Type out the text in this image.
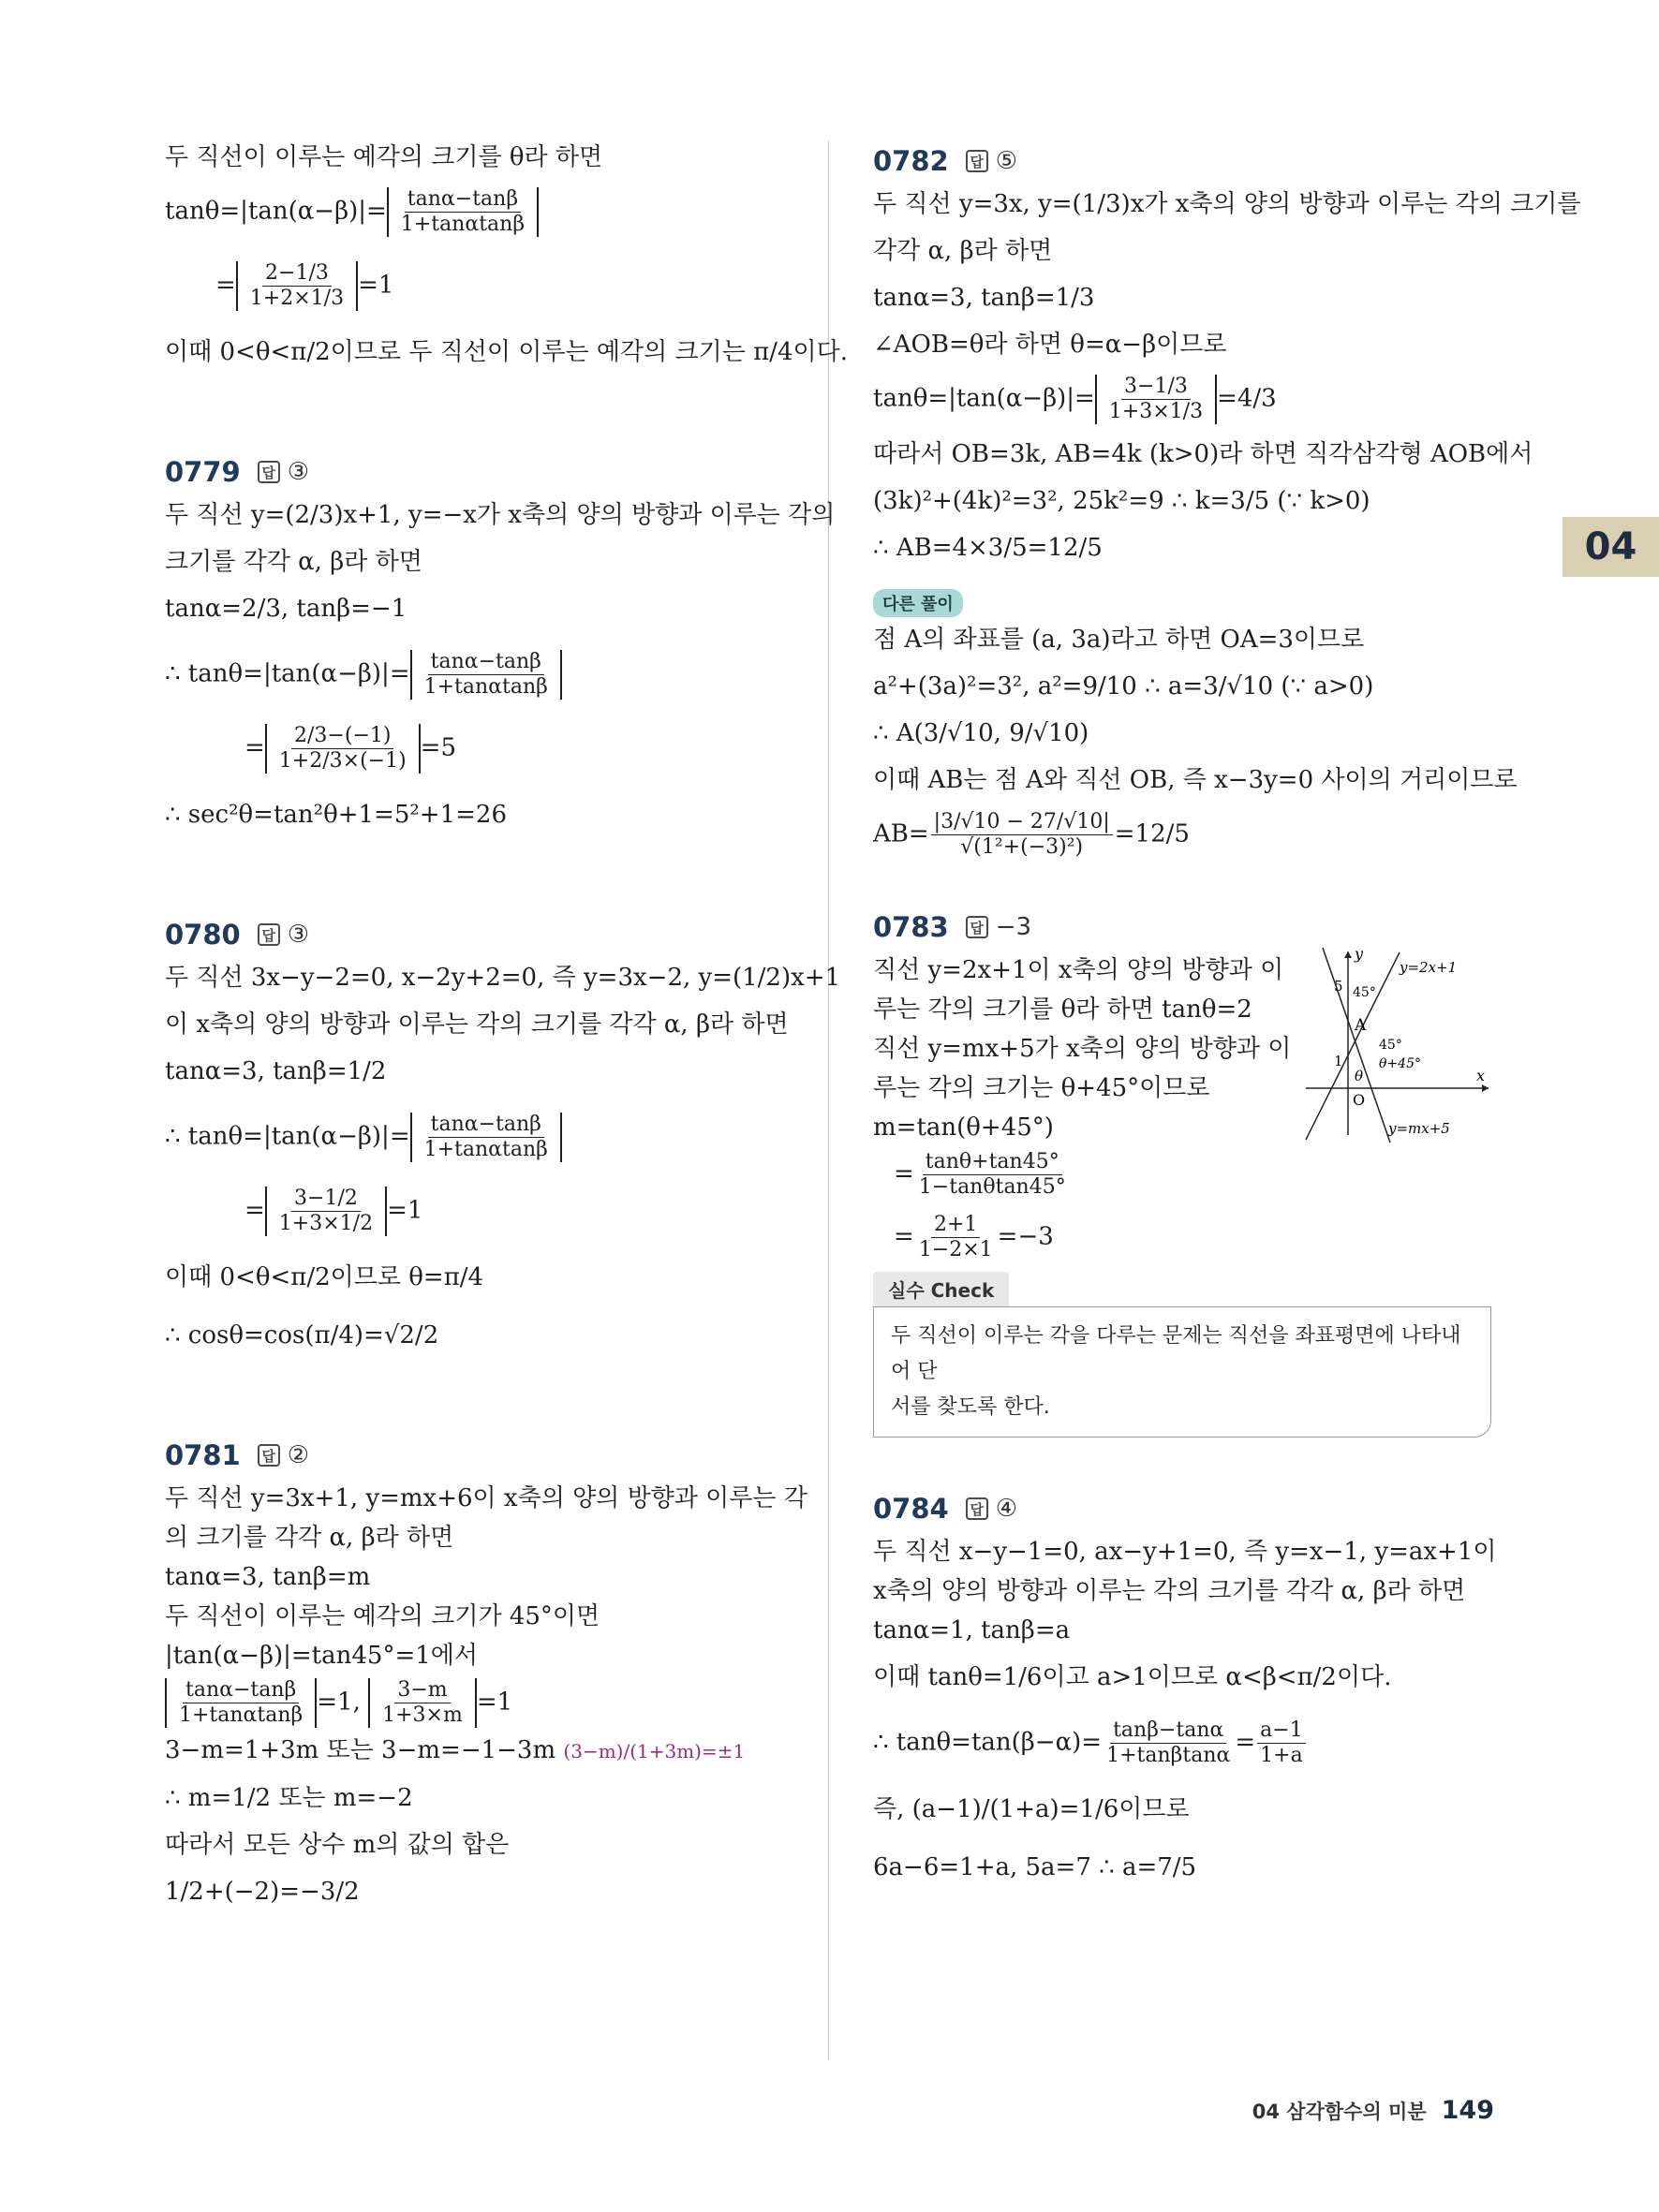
04
두 직선이 이루는 예각의 크기를 θ라 하면
$\tan\theta=|\tan(\alpha-\beta)|= \frac{\tan\alpha-\tan\beta}{1+\tan\alpha\tan\beta}$
= $\frac{2-1/3}{1+2\times 1/3} =1$
이때 0<θ<π/2이므로 두 직선이 이루는 예각의 크기는 π/4이다.
0779	답 ③
두 직선 y=(2/3)x+1, y=−x가 x축의 양의 방향과 이루는 각의
크기를 각각 α, β라 하면
tanα=2/3, tanβ=−1
∴ $\tan\theta=|\tan(\alpha-\beta)|= \frac{\tan\alpha-\tan\beta}{1+\tan\alpha\tan\beta}$
= $\frac{2/3-(-1)}{1+2/3\times(-1)} =5$
∴ sec²θ=tan²θ+1=5²+1=26
0780	답 ③
두 직선 3x−y−2=0, x−2y+2=0, 즉 y=3x−2, y=(1/2)x+1
이 x축의 양의 방향과 이루는 각의 크기를 각각 α, β라 하면
tanα=3, tanβ=1/2
∴ $\tan\theta=|\tan(\alpha-\beta)|= \frac{\tan\alpha-\tan\beta}{1+\tan\alpha\tan\beta}$
= $\frac{3-1/2}{1+3\times 1/2} =1$
이때 0<θ<π/2이므로 θ=π/4
∴ cosθ=cos(π/4)=√2/2
0781	답 ②
두 직선 y=3x+1, y=mx+6이 x축의 양의 방향과 이루는 각
의 크기를 각각 α, β라 하면
tanα=3, tanβ=m
두 직선이 이루는 예각의 크기가 45°이면
|tan(α−β)|=tan45°=1에서
$\frac{\tan\alpha-\tan\beta}{1+\tan\alpha\tan\beta} =1$, $\frac{3-m}{1+3\times m} =1$
3−m=1+3m 또는 3−m=−1−3m (3−m)/(1+3m)=±1
∴ m=1/2 또는 m=−2
따라서 모든 상수 m의 값의 합은
1/2+(−2)=−3/2
0782	답 ⑤
두 직선 y=3x, y=(1/3)x가 x축의 양의 방향과 이루는 각의 크기를
각각 α, β라 하면
tanα=3, tanβ=1/3
∠AOB=θ라 하면 θ=α−β이므로
$\tan\theta=|\tan(\alpha-\beta)|= \frac{3-1/3}{1+3\times 1/3} =4/3$
따라서 OB=3k, AB=4k (k>0)라 하면 직각삼각형 AOB에서
(3k)²+(4k)²=3², 25k²=9 ∴ k=3/5 (∵ k>0)
∴ AB=4×3/5=12/5
다른 풀이
점 A의 좌표를 (a, 3a)라고 하면 OA=3이므로
a²+(3a)²=3², a²=9/10 ∴ a=3/√10 (∵ a>0)
∴ A(3/√10, 9/√10)
이때 AB는 점 A와 직선 OB, 즉 x−3y=0 사이의 거리이므로
$AB= \frac{|3/√10 - 27/√10|}{\text{√(1²+(−3)²)}} =12/5$
0783	답 −3
직선 y=2x+1이 x축의 양의 방향과 이
루는 각의 크기를 θ라 하면 tanθ=2
직선 y=mx+5가 x축의 양의 방향과 이
루는 각의 크기는 θ+45°이므로
m=tan(θ+45°)
= $\frac{\tan\theta+\tan 45^\circ}{1-\tan\theta\tan 45^\circ}$
= $\frac{2+1}{1-2\times 1} =-3$
y
x
O
A
5
1
45°
45°
θ
θ+45°
y=2x+1
y=mx+5
실수 Check
두 직선이 이루는 각을 다루는 문제는 직선을 좌표평면에 나타내어 단
서를 찾도록 한다.
0784	답 ④
두 직선 x−y−1=0, ax−y+1=0, 즉 y=x−1, y=ax+1이
x축의 양의 방향과 이루는 각의 크기를 각각 α, β라 하면
tanα=1, tanβ=a
이때 tanθ=1/6이고 a>1이므로 α<β<π/2이다.
∴ $\tan\theta=\tan(\beta-\alpha)= \frac{\tan\beta-\tan\alpha}{1+\tan\beta\tan\alpha} = \frac{a-1}{1+a}$
즉, (a−1)/(1+a)=1/6이므로
6a−6=1+a, 5a=7 ∴ a=7/5
04 삼각함수의 미분 149
